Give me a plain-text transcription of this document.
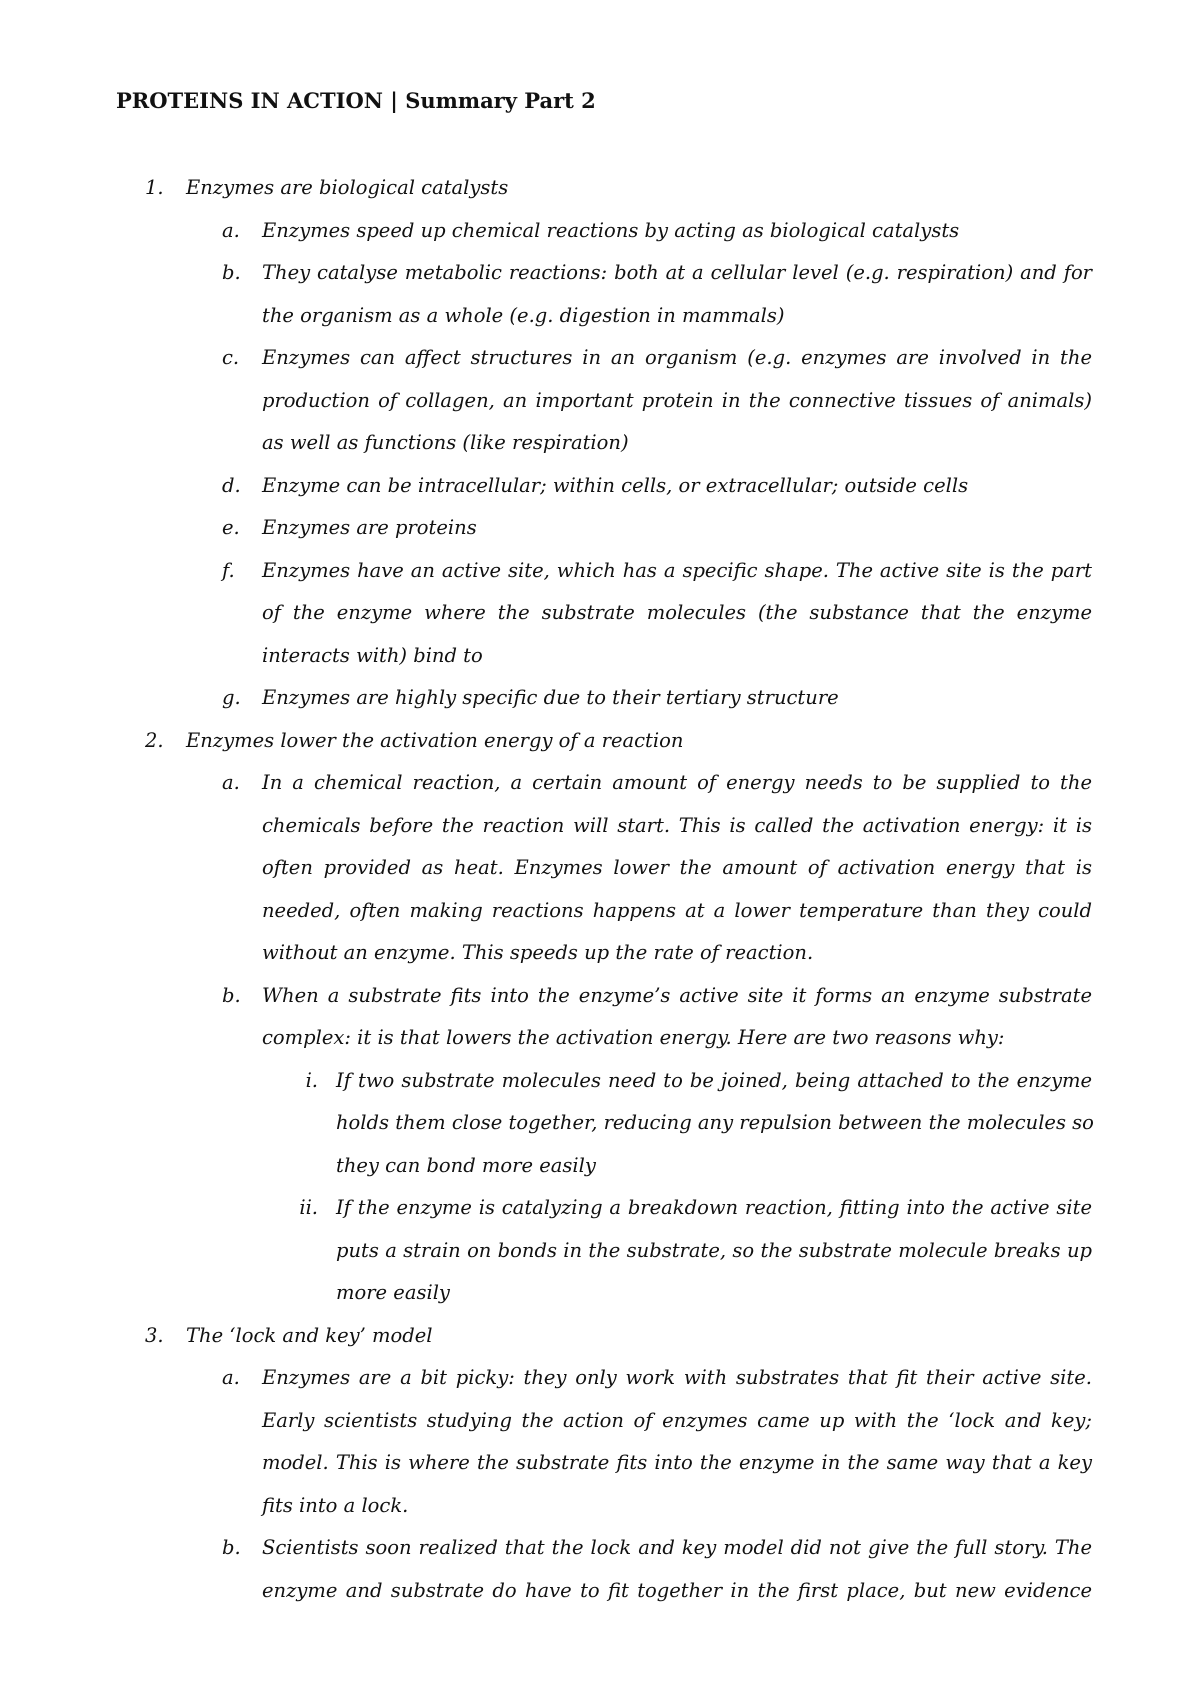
PROTEINS IN ACTION | Summary Part 2
1. Enzymes are biological catalysts
a. Enzymes speed up chemical reactions by acting as biological catalysts
b. They catalyse metabolic reactions: both at a cellular level (e.g. respiration) and for
the organism as a whole (e.g. digestion in mammals)
c. Enzymes can affect structures in an organism (e.g. enzymes are involved in the
production of collagen, an important protein in the connective tissues of animals)
as well as functions (like respiration)
d. Enzyme can be intracellular; within cells, or extracellular; outside cells
e. Enzymes are proteins
f. Enzymes have an active site, which has a specific shape. The active site is the part
of the enzyme where the substrate molecules (the substance that the enzyme
interacts with) bind to
g. Enzymes are highly specific due to their tertiary structure
2. Enzymes lower the activation energy of a reaction
a. In a chemical reaction, a certain amount of energy needs to be supplied to the
chemicals before the reaction will start. This is called the activation energy: it is
often provided as heat. Enzymes lower the amount of activation energy that is
needed, often making reactions happens at a lower temperature than they could
without an enzyme. This speeds up the rate of reaction.
b. When a substrate fits into the enzyme’s active site it forms an enzyme substrate
complex: it is that lowers the activation energy. Here are two reasons why:
i. If two substrate molecules need to be joined, being attached to the enzyme
holds them close together, reducing any repulsion between the molecules so
they can bond more easily
ii. If the enzyme is catalyzing a breakdown reaction, fitting into the active site
puts a strain on bonds in the substrate, so the substrate molecule breaks up
more easily
3. The ‘lock and key’ model
a. Enzymes are a bit picky: they only work with substrates that fit their active site.
Early scientists studying the action of enzymes came up with the ‘lock and key;
model. This is where the substrate fits into the enzyme in the same way that a key
fits into a lock.
b. Scientists soon realized that the lock and key model did not give the full story. The
enzyme and substrate do have to fit together in the first place, but new evidence
